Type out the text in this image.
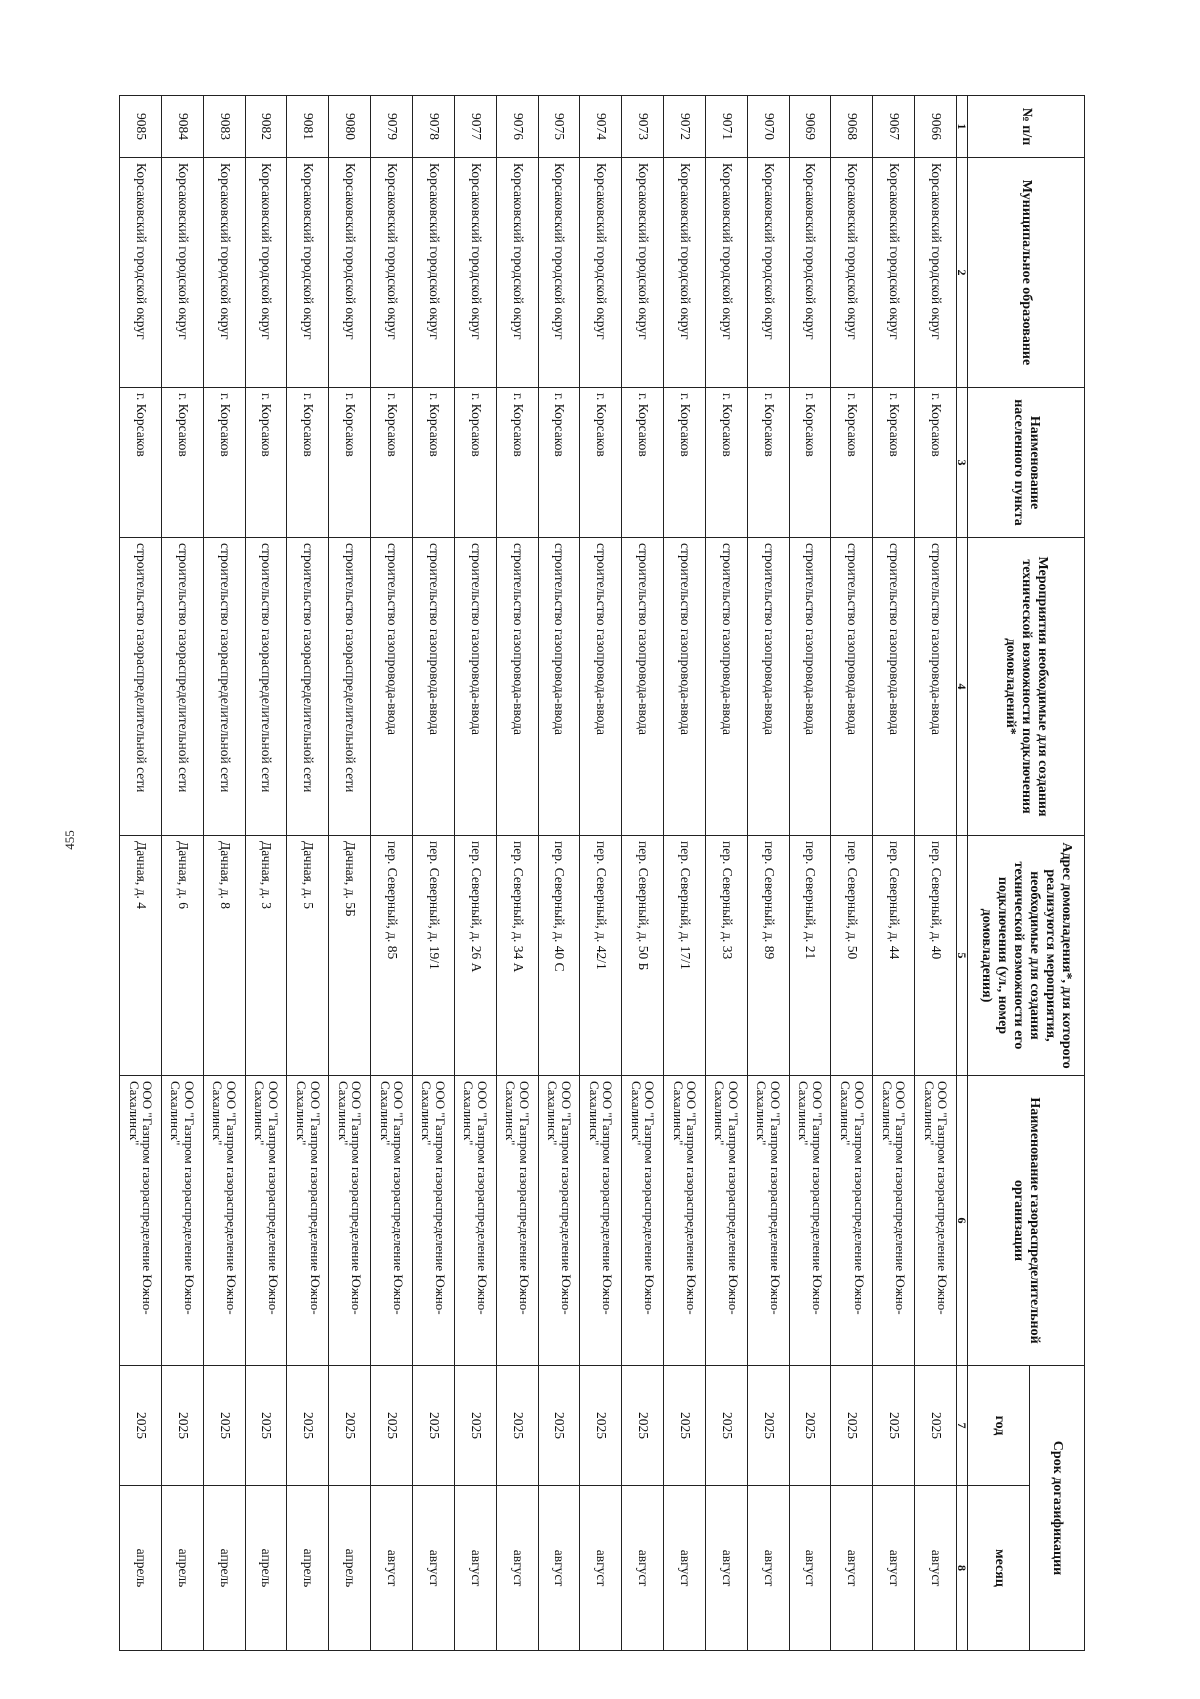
455
№ п/п	Муниципальное образование	Наименование населенного пункта	Мероприятия необходимые для создания технической возможности подключения домовладений*	Адрес домовладения*, для которого реализуются мероприятия, необходимые для создания технической возможности его подключения (ул., номер домовладения)	Наименование газораспределительной организации	Срок догазификации	
						год	месяц
1	2	3	4	5	6	7	8
9066	Корсаковский городской округ	г. Корсаков	строительство газопровода-ввода	пер. Северный, д. 40	ООО "Газпром газораспределение Южно-Сахалинск"	2025	август
9067	Корсаковский городской округ	г. Корсаков	строительство газопровода-ввода	пер. Северный, д. 44	ООО "Газпром газораспределение Южно-Сахалинск"	2025	август
9068	Корсаковский городской округ	г. Корсаков	строительство газопровода-ввода	пер. Северный, д. 50	ООО "Газпром газораспределение Южно-Сахалинск"	2025	август
9069	Корсаковский городской округ	г. Корсаков	строительство газопровода-ввода	пер. Северный, д. 21	ООО "Газпром газораспределение Южно-Сахалинск"	2025	август
9070	Корсаковский городской округ	г. Корсаков	строительство газопровода-ввода	пер. Северный, д. 89	ООО "Газпром газораспределение Южно-Сахалинск"	2025	август
9071	Корсаковский городской округ	г. Корсаков	строительство газопровода-ввода	пер. Северный, д. 33	ООО "Газпром газораспределение Южно-Сахалинск"	2025	август
9072	Корсаковский городской округ	г. Корсаков	строительство газопровода-ввода	пер. Северный, д. 17/1	ООО "Газпром газораспределение Южно-Сахалинск"	2025	август
9073	Корсаковский городской округ	г. Корсаков	строительство газопровода-ввода	пер. Северный, д. 50 Б	ООО "Газпром газораспределение Южно-Сахалинск"	2025	август
9074	Корсаковский городской округ	г. Корсаков	строительство газопровода-ввода	пер. Северный, д. 42/1	ООО "Газпром газораспределение Южно-Сахалинск"	2025	август
9075	Корсаковский городской округ	г. Корсаков	строительство газопровода-ввода	пер. Северный, д. 40 С	ООО "Газпром газораспределение Южно-Сахалинск"	2025	август
9076	Корсаковский городской округ	г. Корсаков	строительство газопровода-ввода	пер. Северный, д. 34 А	ООО "Газпром газораспределение Южно-Сахалинск"	2025	август
9077	Корсаковский городской округ	г. Корсаков	строительство газопровода-ввода	пер. Северный, д. 26 А	ООО "Газпром газораспределение Южно-Сахалинск"	2025	август
9078	Корсаковский городской округ	г. Корсаков	строительство газопровода-ввода	пер. Северный, д. 19/1	ООО "Газпром газораспределение Южно-Сахалинск"	2025	август
9079	Корсаковский городской округ	г. Корсаков	строительство газопровода-ввода	пер. Северный, д. 85	ООО "Газпром газораспределение Южно-Сахалинск"	2025	август
9080	Корсаковский городской округ	г. Корсаков	строительство газораспределительной сети	Дачная, д. 5Б	ООО "Газпром газораспределение Южно-Сахалинск"	2025	апрель
9081	Корсаковский городской округ	г. Корсаков	строительство газораспределительной сети	Дачная, д. 5	ООО "Газпром газораспределение Южно-Сахалинск"	2025	апрель
9082	Корсаковский городской округ	г. Корсаков	строительство газораспределительной сети	Дачная, д. 3	ООО "Газпром газораспределение Южно-Сахалинск"	2025	апрель
9083	Корсаковский городской округ	г. Корсаков	строительство газораспределительной сети	Дачная, д. 8	ООО "Газпром газораспределение Южно-Сахалинск"	2025	апрель
9084	Корсаковский городской округ	г. Корсаков	строительство газораспределительной сети	Дачная, д. 6	ООО "Газпром газораспределение Южно-Сахалинск"	2025	апрель
9085	Корсаковский городской округ	г. Корсаков	строительство газораспределительной сети	Дачная, д. 4	ООО "Газпром газораспределение Южно-Сахалинск"	2025	апрель
